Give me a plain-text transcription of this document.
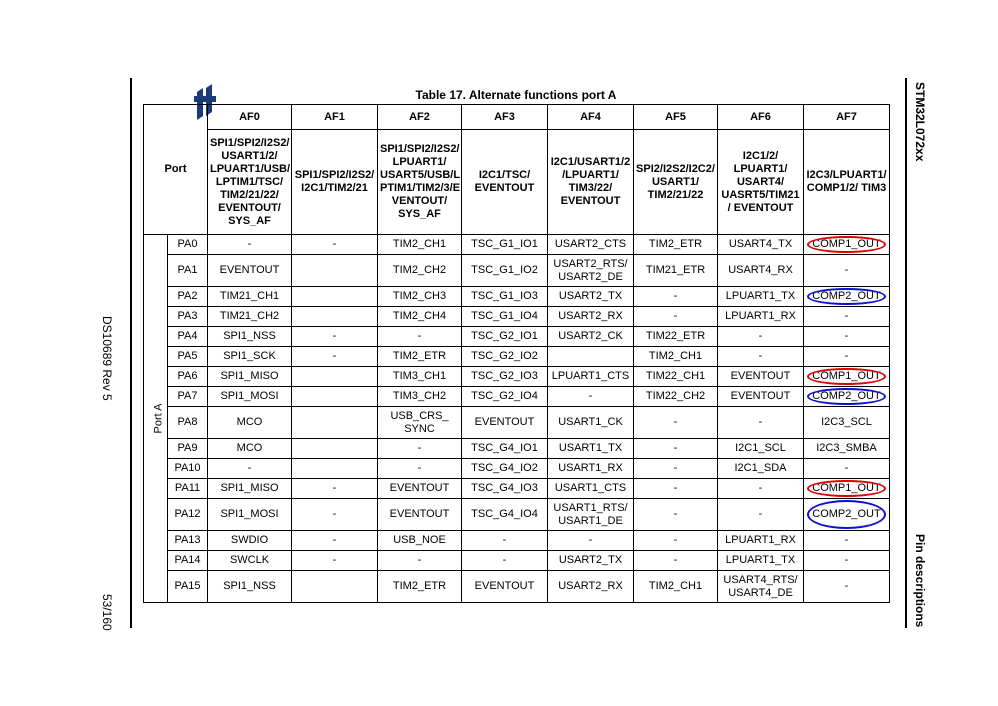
DS10689 Rev 5
53/160
STM32L072xx
Pin descriptions
Table 17. Alternate functions port A
Port		AF0	AF1	AF2	AF3	AF4	AF5	AF6	AF7
		SPI1/SPI2/I2S2/ USART1/2/ LPUART1/USB/ LPTIM1/TSC/ TIM2/21/22/ EVENTOUT/ SYS_AF	SPI1/SPI2/I2S2/ I2C1/TIM2/21	SPI1/SPI2/I2S2/ LPUART1/ USART5/USB/L PTIM1/TIM2/3/E VENTOUT/ SYS_AF	I2C1/TSC/ EVENTOUT	I2C1/USART1/2 /LPUART1/ TIM3/22/ EVENTOUT	SPI2/I2S2/I2C2/ USART1/ TIM2/21/22	I2C1/2/ LPUART1/ USART4/ UASRT5/TIM21 / EVENTOUT	I2C3/LPUART1/ COMP1/2/ TIM3
Port A	PA0	-	-	TIM2_CH1	TSC_G1_IO1	USART2_CTS	TIM2_ETR	USART4_TX	COMP1_OUT

	PA1	EVENTOUT		TIM2_CH2	TSC_G1_IO2	USART2_RTS/ USART2_DE	TIM21_ETR	USART4_RX	-
	PA2	TIM21_CH1		TIM2_CH3	TSC_G1_IO3	USART2_TX	-	LPUART1_TX	COMP2_OUT

	PA3	TIM21_CH2		TIM2_CH4	TSC_G1_IO4	USART2_RX	-	LPUART1_RX	-
	PA4	SPI1_NSS	-	-	TSC_G2_IO1	USART2_CK	TIM22_ETR	-	-
	PA5	SPI1_SCK	-	TIM2_ETR	TSC_G2_IO2		TIM2_CH1	-	-
	PA6	SPI1_MISO		TIM3_CH1	TSC_G2_IO3	LPUART1_CTS	TIM22_CH1	EVENTOUT	COMP1_OUT

	PA7	SPI1_MOSI		TIM3_CH2	TSC_G2_IO4	-	TIM22_CH2	EVENTOUT	COMP2_OUT

	PA8	MCO		USB_CRS_ SYNC	EVENTOUT	USART1_CK	-	-	I2C3_SCL
	PA9	MCO		-	TSC_G4_IO1	USART1_TX	-	I2C1_SCL	I2C3_SMBA
	PA10	-		-	TSC_G4_IO2	USART1_RX	-	I2C1_SDA	-
	PA11	SPI1_MISO	-	EVENTOUT	TSC_G4_IO3	USART1_CTS	-	-	COMP1_OUT

	PA12	SPI1_MOSI	-	EVENTOUT	TSC_G4_IO4	USART1_RTS/ USART1_DE	-	-	COMP2_OUT

	PA13	SWDIO	-	USB_NOE	-	-	-	LPUART1_RX	-
	PA14	SWCLK	-	-	-	USART2_TX	-	LPUART1_TX	-
	PA15	SPI1_NSS		TIM2_ETR	EVENTOUT	USART2_RX	TIM2_CH1	USART4_RTS/ USART4_DE	-
